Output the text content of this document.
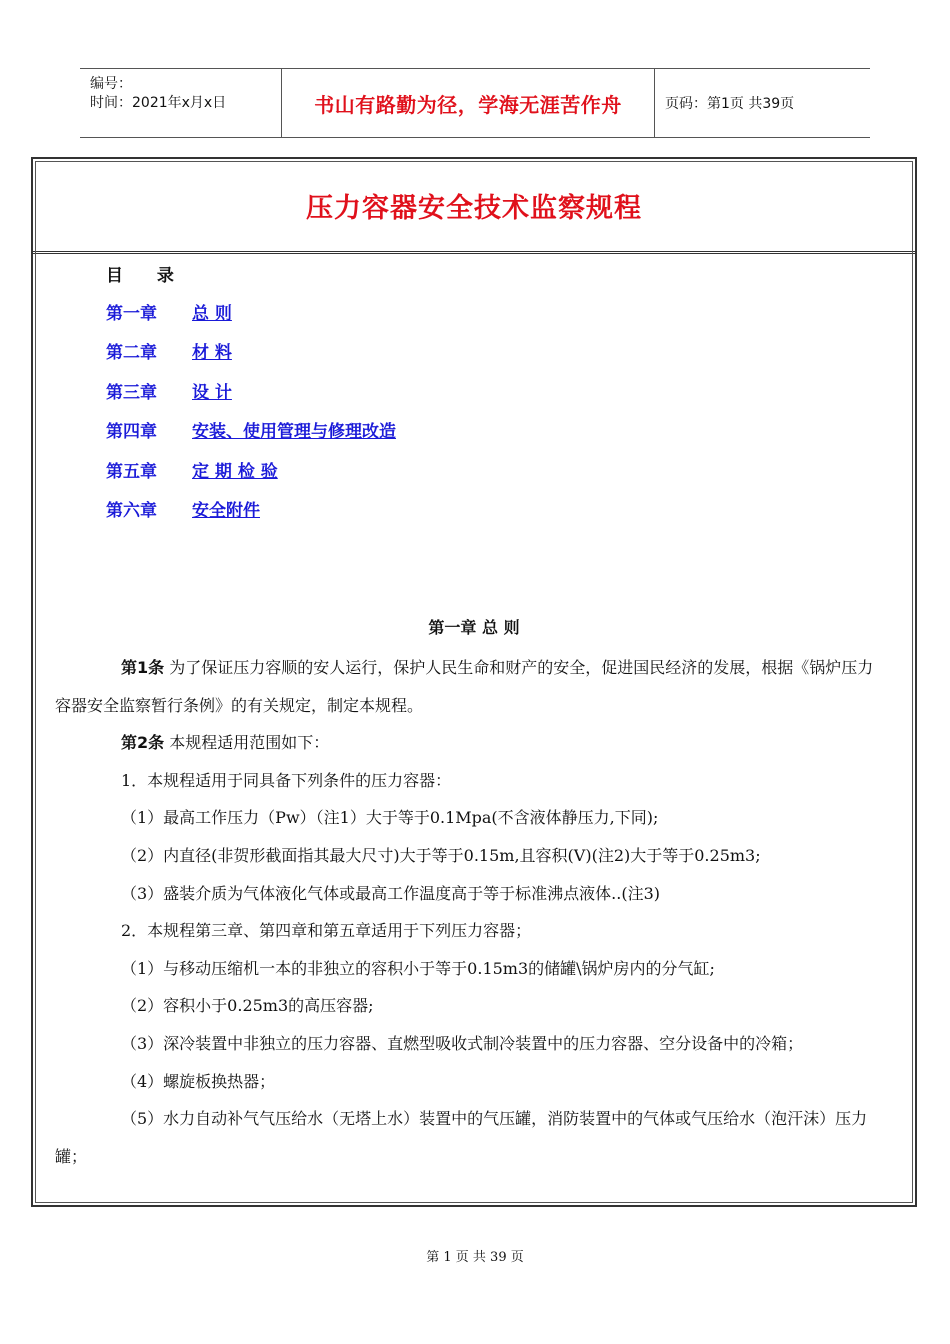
编号：
时间：2021年x月x日	书山有路勤为径，学海无涯苦作舟	页码：第1页 共39页
压力容器安全技术监察规程
目 录
第一章 总 则
第二章 材 料
第三章 设 计
第四章 安装、使用管理与修理改造
第五章 定 期 检 验
第六章 安全附件
第一章 总 则

第1条 为了保证压力容顺的安人运行，保护人民生命和财产的安全，促进国民经济的发展，根据《锅炉压力容器安全监察暂行条例》的有关规定，制定本规程。

第2条 本规程适用范围如下：

1．本规程适用于同具备下列条件的压力容器：

（1）最高工作压力（Pw）（注1）大于等于0.1Mpa(不含液体静压力,下同);

（2）内直径(非贺形截面指其最大尺寸)大于等于0.15m,且容积(V)(注2)大于等于0.25m3;

（3）盛装介质为气体液化气体或最高工作温度高于等于标准沸点液体..(注3)

2．本规程第三章、第四章和第五章适用于下列压力容器；

（1）与移动压缩机一本的非独立的容积小于等于0.15m3的储罐\锅炉房内的分气缸;

（2）容积小于0.25m3的高压容器;

（3）深冷装置中非独立的压力容器、直燃型吸收式制冷装置中的压力容器、空分设备中的冷箱；

（4）螺旋板换热器；

（5）水力自动补气气压给水（无塔上水）装置中的气压罐，消防装置中的气体或气压给水（泡汗沫）压力罐；

第 1 页 共 39 页
